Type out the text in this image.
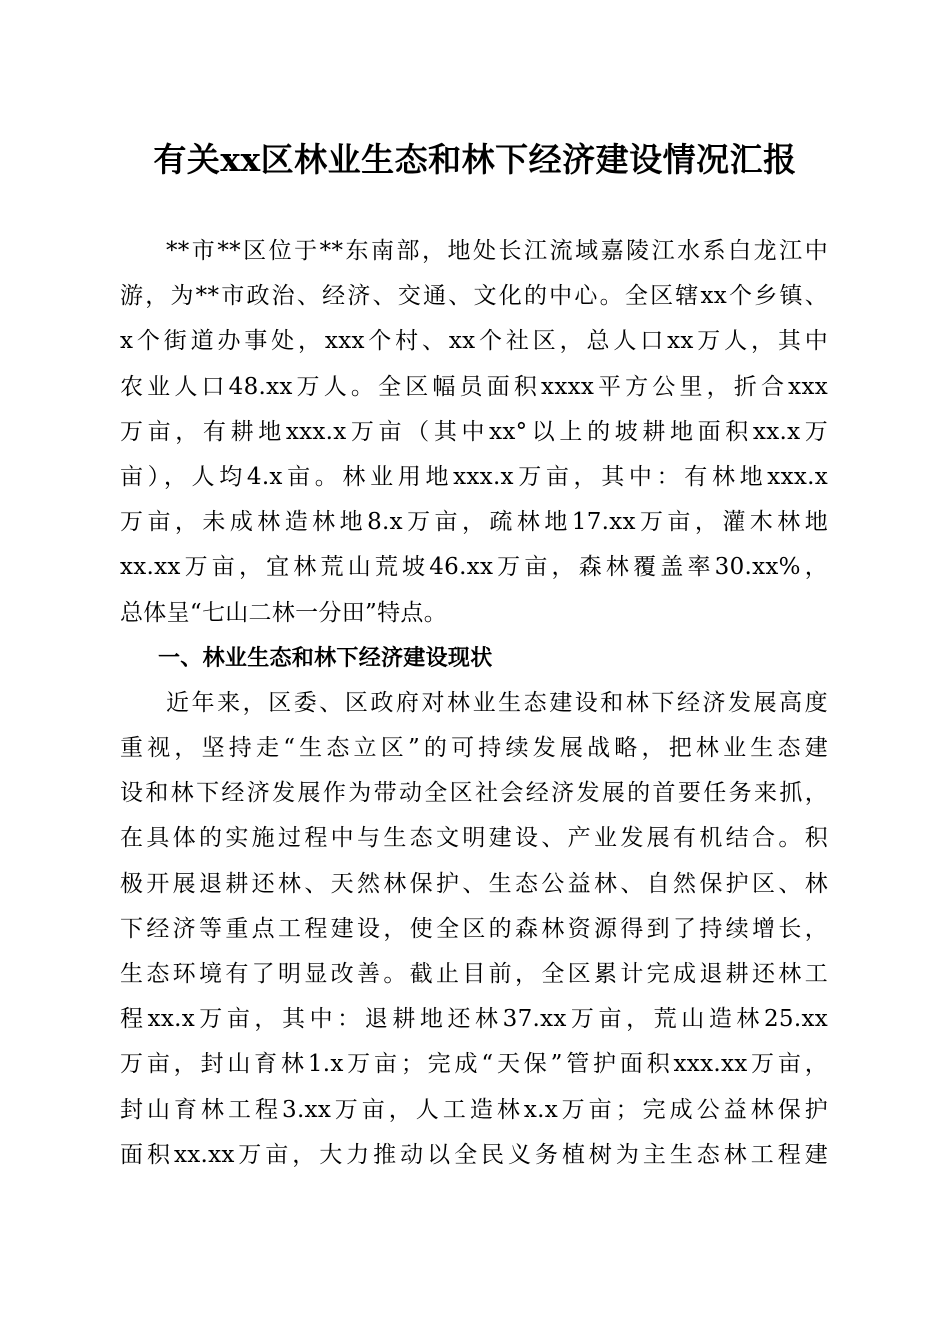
有关xx区林业生态和林下经济建设情况汇报
**市**区位于**东南部，地处长江流域嘉陵江水系白龙江中
游，为**市政治、经济、交通、文化的中心。全区辖xx个乡镇、
x个街道办事处，xxx个村、xx个社区，总人口xx万人，其中
农业人口48.xx万人。全区幅员面积xxxx平方公里，折合xxx
万亩，有耕地xxx.x万亩（其中xx°以上的坡耕地面积xx.x万
亩），人均4.x亩。林业用地xxx.x万亩，其中：有林地xxx.x
万亩，未成林造林地8.x万亩，疏林地17.xx万亩，灌木林地
xx.xx万亩，宜林荒山荒坡46.xx万亩，森林覆盖率30.xx%，
总体呈“七山二林一分田”特点。
一、林业生态和林下经济建设现状
近年来，区委、区政府对林业生态建设和林下经济发展高度
重视，坚持走“生态立区”的可持续发展战略，把林业生态建
设和林下经济发展作为带动全区社会经济发展的首要任务来抓，
在具体的实施过程中与生态文明建设、产业发展有机结合。积
极开展退耕还林、天然林保护、生态公益林、自然保护区、林
下经济等重点工程建设，使全区的森林资源得到了持续增长，
生态环境有了明显改善。截止目前，全区累计完成退耕还林工
程xx.x万亩，其中：退耕地还林37.xx万亩，荒山造林25.xx
万亩，封山育林1.x万亩；完成“天保”管护面积xxx.xx万亩，
封山育林工程3.xx万亩，人工造林x.x万亩；完成公益林保护
面积xx.xx万亩，大力推动以全民义务植树为主生态林工程建
